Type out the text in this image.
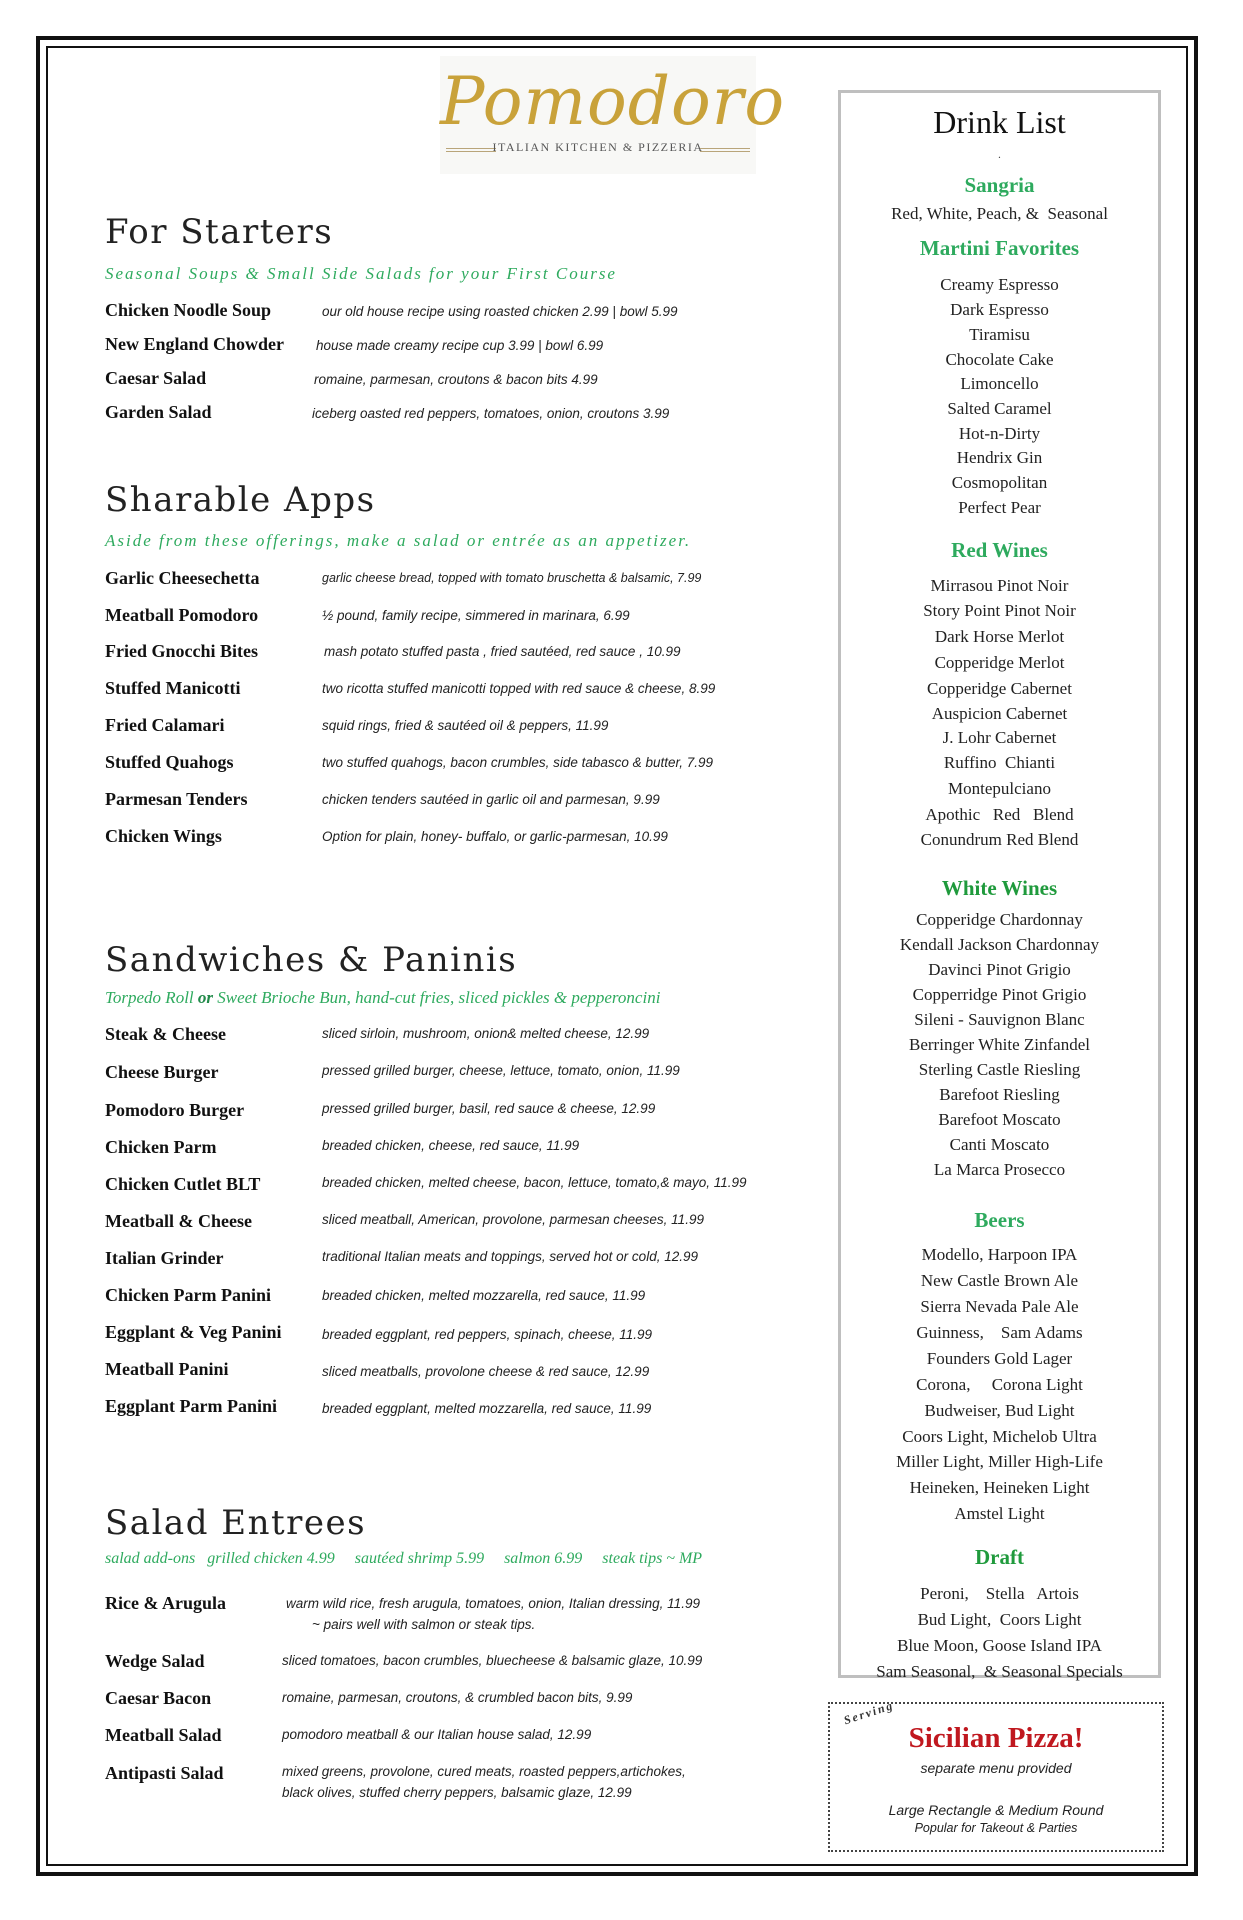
Pomodoro
ITALIAN KITCHEN & PIZZERIA
For Starters
Seasonal Soups & Small Side Salads for your First Course
Chicken Noodle Soup	our old house recipe using roasted chicken 2.99 | bowl 5.99
New England Chowder house made creamy recipe cup 3.99 | bowl 6.99
Caesar Salad	romaine, parmesan, croutons & bacon bits 4.99
Garden Salad	iceberg oasted red peppers, tomatoes, onion, croutons 3.99
Sharable Apps
Aside from these offerings, make a salad or entrée as an appetizer.
Garlic Cheesechetta	garlic cheese bread, topped with tomato bruschetta & balsamic, 7.99
Meatball Pomodoro	½ pound, family recipe, simmered in marinara, 6.99
Fried Gnocchi Bites	mash potato stuffed pasta , fried sautéed, red sauce , 10.99
Stuffed Manicotti	two ricotta stuffed manicotti topped with red sauce & cheese, 8.99
Fried Calamari	squid rings, fried & sautéed oil & peppers, 11.99
Stuffed Quahogs	two stuffed quahogs, bacon crumbles, side tabasco & butter, 7.99
Parmesan Tenders	chicken tenders sautéed in garlic oil and parmesan, 9.99
Chicken Wings	Option for plain, honey- buffalo, or garlic-parmesan, 10.99
Sandwiches & Paninis
Torpedo Roll or Sweet Brioche Bun, hand-cut fries, sliced pickles & pepperoncini
Steak & Cheese	sliced sirloin, mushroom, onion& melted cheese, 12.99
Cheese Burger	pressed grilled burger, cheese, lettuce, tomato, onion, 11.99
Pomodoro Burger	pressed grilled burger, basil, red sauce & cheese, 12.99
Chicken Parm	breaded chicken, cheese, red sauce, 11.99
Chicken Cutlet BLT	breaded chicken, melted cheese, bacon, lettuce, tomato,& mayo, 11.99
Meatball & Cheese	sliced meatball, American, provolone, parmesan cheeses, 11.99
Italian Grinder	traditional Italian meats and toppings, served hot or cold, 12.99
Chicken Parm Panini	breaded chicken, melted mozzarella, red sauce, 11.99
Eggplant & Veg Panini	breaded eggplant, red peppers, spinach, cheese, 11.99
Meatball Panini	sliced meatballs, provolone cheese & red sauce, 12.99
Eggplant Parm Panini	breaded eggplant, melted mozzarella, red sauce, 11.99
Salad Entrees
salad add-ons   grilled chicken 4.99     sautéed shrimp 5.99     salmon 6.99     steak tips ~ MP
Rice & Arugula	warm wild rice, fresh arugula, tomatoes, onion, Italian dressing, 11.99
~ pairs well with salmon or steak tips.
Wedge Salad	sliced tomatoes, bacon crumbles, bluecheese & balsamic glaze, 10.99
Caesar Bacon	romaine, parmesan, croutons, & crumbled bacon bits, 9.99
Meatball Salad	pomodoro meatball & our Italian house salad, 12.99
Antipasti Salad	mixed greens, provolone, cured meats, roasted peppers,artichokes,
black olives, stuffed cherry peppers, balsamic glaze, 12.99
Drink List
.
Sangria
Red, White, Peach, &  Seasonal
Martini Favorites
Creamy Espresso
Dark Espresso
Tiramisu
Chocolate Cake
Limoncello
Salted Caramel
Hot-n-Dirty
Hendrix Gin
Cosmopolitan
Perfect Pear
Red Wines
Mirrasou Pinot Noir
Story Point Pinot Noir
Dark Horse Merlot
Copperidge Merlot
Copperidge Cabernet
Auspicion Cabernet
J. Lohr Cabernet
Ruffino  Chianti
Montepulciano
Apothic   Red   Blend
Conundrum Red Blend
White Wines
Copperidge Chardonnay
Kendall Jackson Chardonnay
Davinci Pinot Grigio
Copperridge Pinot Grigio
Sileni - Sauvignon Blanc
Berringer White Zinfandel
Sterling Castle Riesling
Barefoot Riesling
Barefoot Moscato
Canti Moscato
La Marca Prosecco
Beers
Modello, Harpoon IPA
New Castle Brown Ale
Sierra Nevada Pale Ale
Guinness,    Sam Adams
Founders Gold Lager
Corona,     Corona Light
Budweiser, Bud Light
Coors Light, Michelob Ultra
Miller Light, Miller High-Life
Heineken, Heineken Light
Amstel Light
Draft
Peroni,    Stella   Artois
Bud Light,  Coors Light
Blue Moon, Goose Island IPA
Sam Seasonal,  & Seasonal Specials
Serving
Sicilian Pizza!
separate menu provided
Large Rectangle & Medium Round
Popular for Takeout & Parties
